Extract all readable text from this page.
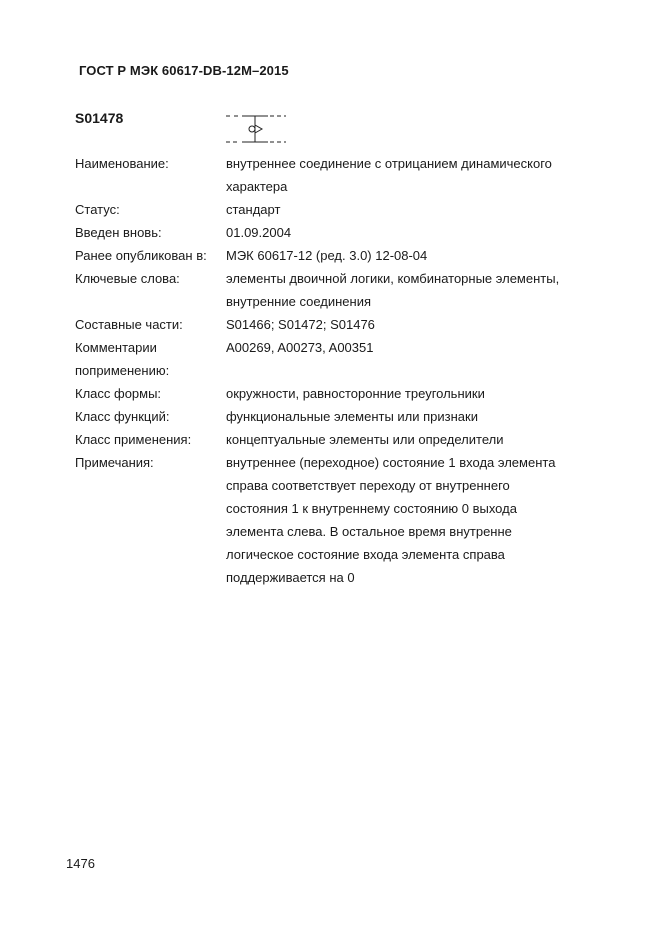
ГОСТ Р МЭК 60617-DB-12M–2015
S01478
Наименование:	внутреннее соединение с отрицанием динамического
характера
Статус:	стандарт
Введен вновь:	01.09.2004
Ранее опубликован в:	МЭК 60617-12 (ред. 3.0) 12-08-04
Ключевые слова:	элементы двоичной логики, комбинаторные элементы,
внутренние соединения
Составные части:	S01466; S01472; S01476
Комментарии поприменению:
A00269, A00273, A00351
Класс формы:	окружности, равносторонние треугольники
Класс функций:	функциональные элементы или признаки
Класс применения:	концептуальные элементы или определители
Примечания:	внутреннее (переходное) состояние 1 входа элемента
справа соответствует переходу от внутреннего
состояния 1 к внутреннему состоянию 0 выхода
элемента слева. В остальное время внутренне
логическое состояние входа элемента справа
поддерживается на 0
1476
